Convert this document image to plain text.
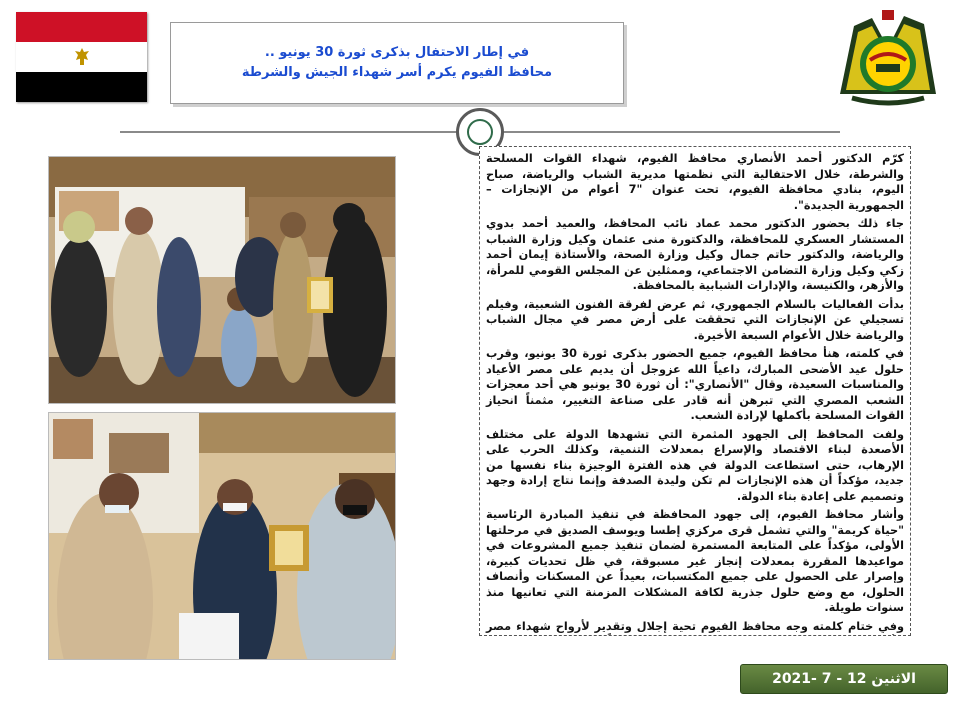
في إطار الاحتفال بذكرى ثورة 30 يونيو ..
محافظ الفيوم يكرم أسر شهداء الجيش والشرطة

كرّم الدكتور أحمد الأنصاري محافظ الفيوم، شهداء القوات المسلحة والشرطة، خلال الاحتفالية التي نظمتها مديرية الشباب والرياضة، صباح اليوم، بنادي محافظة الفيوم، تحت عنوان "7 أعوام من الإنجازات – الجمهورية الجديدة".

جاء ذلك بحضور الدكتور محمد عماد نائب المحافظ، والعميد أحمد بدوي المستشار العسكري للمحافظة، والدكتورة منى عثمان وكيل وزارة الشباب والرياضة، والدكتور حاتم جمال وكيل وزارة الصحة، والأستاذة إيمان أحمد زكي وكيل وزارة التضامن الاجتماعي، وممثلين عن المجلس القومي للمرأة، والأزهر، والكنيسة، والإدارات الشبابية بالمحافظة.

بدأت الفعاليات بالسلام الجمهوري، ثم عرض لفرقة الفنون الشعبية، وفيلم تسجيلي عن الإنجازات التي تحققت على أرض مصر في مجال الشباب والرياضة خلال الأعوام السبعة الأخيرة.

في كلمته، هنأ محافظ الفيوم، جميع الحضور بذكرى ثورة 30 يونيو، وقرب حلول عيد الأضحى المبارك، داعياً الله عزوجل أن يديم على مصر الأعياد والمناسبات السعيدة، وقال "الأنصاري": أن ثورة 30 يونيو هي أحد معجزات الشعب المصري التي تبرهن أنه قادر على صناعة التغيير، مثمناً انحياز القوات المسلحة بأكملها لإرادة الشعب.

ولفت المحافظ إلى الجهود المثمرة التي تشهدها الدولة على مختلف الأصعدة لبناء الاقتصاد والإسراع بمعدلات التنمية، وكذلك الحرب على الإرهاب، حتى استطاعت الدولة في هذه الفترة الوجيزة بناء نفسها من جديد، مؤكداً أن هذه الإنجازات لم تكن وليدة الصدفة وإنما نتاج إرادة وجهد وتصميم على إعادة بناء الدولة.

وأشار محافظ الفيوم، إلى جهود المحافظة في تنفيذ المبادرة الرئاسية "حياة كريمة" والتي تشمل قرى مركزي إطسا ويوسف الصديق في مرحلتها الأولى، مؤكداً على المتابعة المستمرة لضمان تنفيذ جميع المشروعات في مواعيدها المقررة بمعدلات إنجاز غير مسبوقة، في ظل تحديات كبيرة، وإصرار على الحصول على جميع المكتسبات، بعيداً عن المسكنات وأنصاف الحلول، مع وضع حلول جذرية لكافة المشكلات المزمنة التي تعانيها منذ سنوات طويلة.

وفي ختام كلمته وجه محافظ الفيوم تحية إجلال وتقدير لأرواح شهداء مصر

الاثنين 12 - 7 -2021
